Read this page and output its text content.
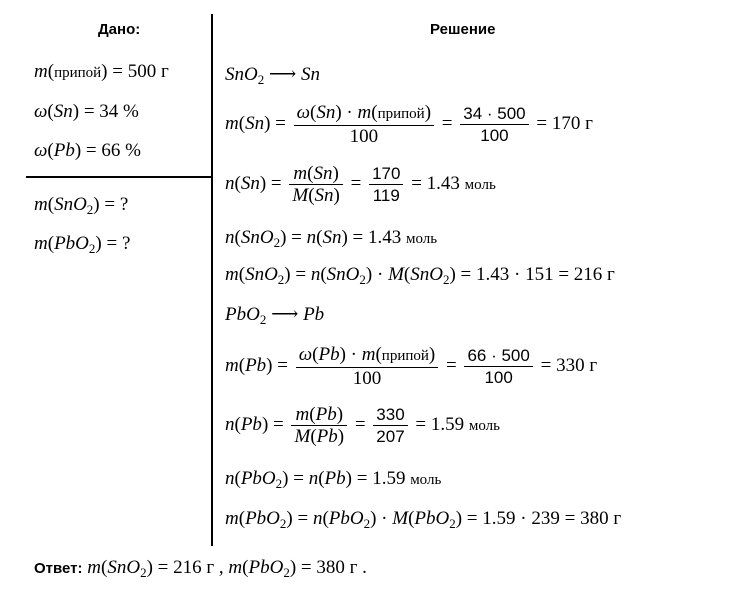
Дано:
m(припой) = 500 г
ω(Sn) = 34 %
ω(Pb) = 66 %
m(SnO$_2$) = ?
m(PbO$_2$) = ?
Решение
SnO$_2$ ⟶ Sn
$m(Sn) = \frac{\text{ω(Sn) · m(припой)}}{100} = \frac{34 \cdot 500}{100} = 170$ г
$n(Sn) = \frac{m(Sn)}{M(Sn)} = \frac{170}{119} = 1.43$ моль
n(SnO$_2$) = n(Sn) = 1.43 моль
m(SnO$_2$) = n(SnO$_2$) · M(SnO$_2$) = 1.43 · 151 = 216 г
PbO$_2$ ⟶ Pb
$m(Pb) = \frac{\text{ω(Pb) · m(припой)}}{100} = \frac{66 \cdot 500}{100} = 330$ г
$n(Pb) = \frac{m(Pb)}{M(Pb)} = \frac{330}{207} = 1.59$ моль
n(PbO$_2$) = n(Pb) = 1.59 моль
m(PbO$_2$) = n(PbO$_2$) · M(PbO$_2$) = 1.59 · 239 = 380 г
Ответ: m(SnO$_2$) = 216 г , m(PbO$_2$) = 380 г .
